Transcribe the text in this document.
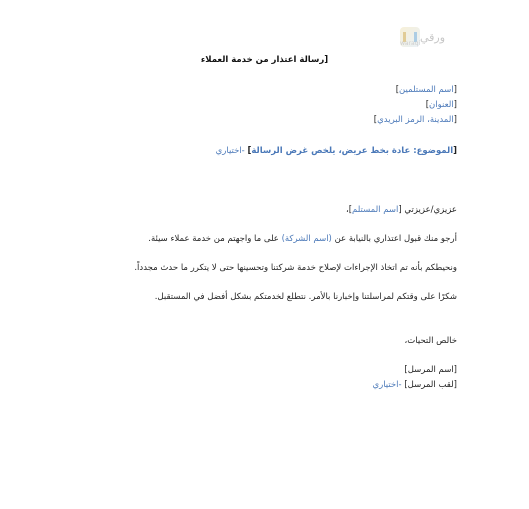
ورقي
waraqi
[رسالة اعتذار من خدمة العملاء
[اسم المستلمين]
[العنوان]
[المدينة، الرمز البريدي]
[الموضوع: عادة بخط عريض، يلخص غرض الرسالة] -اختياري
عزيزي/عزيزتي [اسم المستلم]،
أرجو منك قبول اعتذاري بالنيابة عن (اسم الشركة) على ما واجهتم من خدمة عملاء سيئة.
ونحيطكم بأنه تم اتخاذ الإجراءات لإصلاح خدمة شركتنا وتحسينها حتى لا يتكرر ما حدث مجدداً.
شكرًا على وقتكم لمراسلتنا وإخبارنا بالأمر. نتطلع لخدمتكم بشكل أفضل في المستقبل.
خالص التحيات،
[اسم المرسل]
[لقب المرسل] -اختياري
